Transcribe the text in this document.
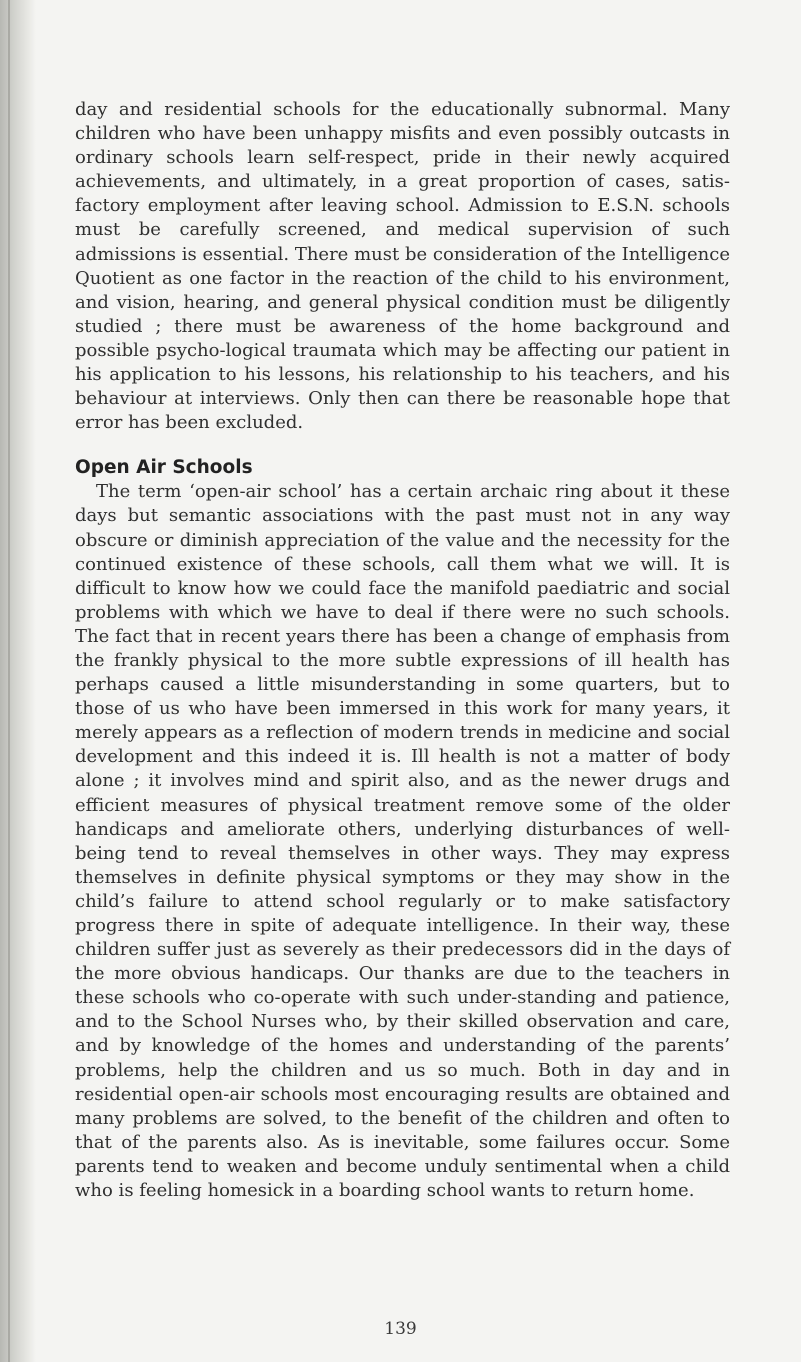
day and residential schools for the educationally subnormal. Many children who have been unhappy misfits and even possibly outcasts in ordinary schools learn self-respect, pride in their newly acquired achievements, and ultimately, in a great proportion of cases, satis-factory employment after leaving school. Admission to E.S.N. schools must be carefully screened, and medical supervision of such admissions is essential. There must be consideration of the Intelligence Quotient as one factor in the reaction of the child to his environment, and vision, hearing, and general physical condition must be diligently studied ; there must be awareness of the home background and possible psycho-logical traumata which may be affecting our patient in his application to his lessons, his relationship to his teachers, and his behaviour at interviews. Only then can there be reasonable hope that error has been excluded.

Open Air Schools

The term ‘open-air school’ has a certain archaic ring about it these days but semantic associations with the past must not in any way obscure or diminish appreciation of the value and the necessity for the continued existence of these schools, call them what we will. It is difficult to know how we could face the manifold paediatric and social problems with which we have to deal if there were no such schools. The fact that in recent years there has been a change of emphasis from the frankly physical to the more subtle expressions of ill health has perhaps caused a little misunderstanding in some quarters, but to those of us who have been immersed in this work for many years, it merely appears as a reflection of modern trends in medicine and social development and this indeed it is. Ill health is not a matter of body alone ; it involves mind and spirit also, and as the newer drugs and efficient measures of physical treatment remove some of the older handicaps and ameliorate others, underlying disturbances of well-being tend to reveal themselves in other ways. They may express themselves in definite physical symptoms or they may show in the child’s failure to attend school regularly or to make satisfactory progress there in spite of adequate intelligence. In their way, these children suffer just as severely as their predecessors did in the days of the more obvious handicaps. Our thanks are due to the teachers in these schools who co-operate with such under-standing and patience, and to the School Nurses who, by their skilled observation and care, and by knowledge of the homes and understanding of the parents’ problems, help the children and us so much. Both in day and in residential open-air schools most encouraging results are obtained and many problems are solved, to the benefit of the children and often to that of the parents also. As is inevitable, some failures occur. Some parents tend to weaken and become unduly sentimental when a child who is feeling homesick in a boarding school wants to return home.

139
